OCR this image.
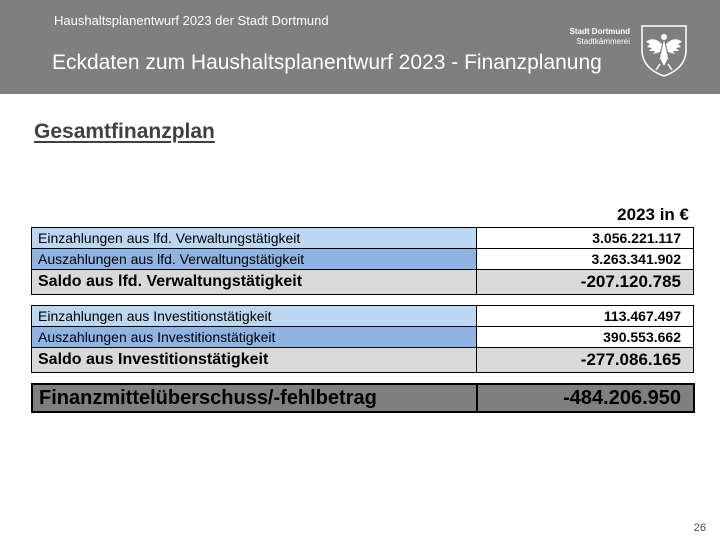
Haushaltsplanentwurf 2023 der Stadt Dortmund
Eckdaten zum Haushaltsplanentwurf 2023 - Finanzplanung
Stadt Dortmund
Stadtkämmerei
Gesamtfinanzplan
2023 in €
Einzahlungen aus lfd. Verwaltungstätigkeit	3.056.221.117
Auszahlungen aus lfd. Verwaltungstätigkeit	3.263.341.902
Saldo aus lfd. Verwaltungstätigkeit	-207.120.785
Einzahlungen aus Investitionstätigkeit	113.467.497
Auszahlungen aus Investitionstätigkeit	390.553.662
Saldo aus Investitionstätigkeit	-277.086.165
Finanzmittelüberschuss/-fehlbetrag	-484.206.950
26
